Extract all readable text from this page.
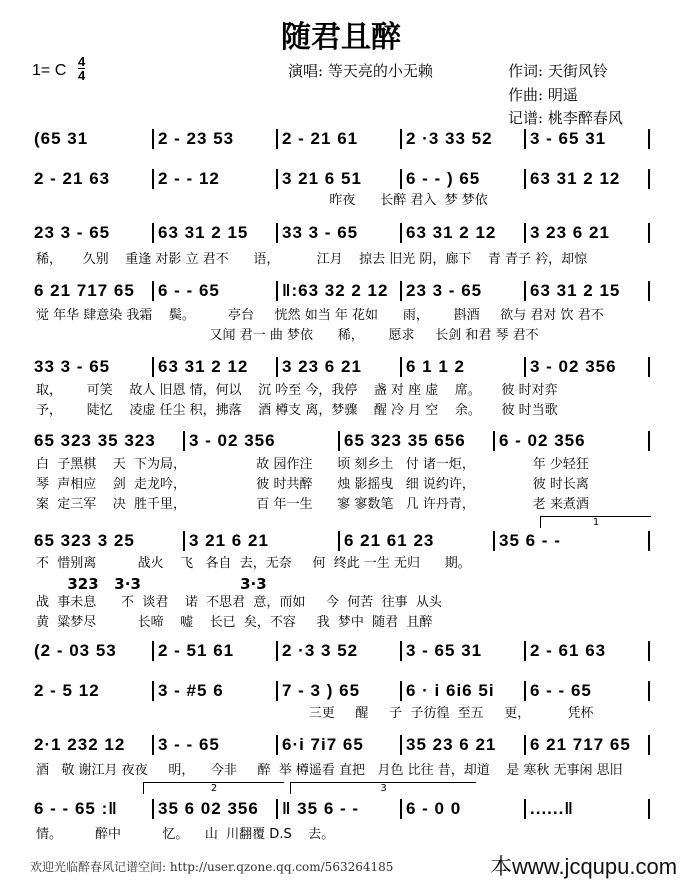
随君且醉
1= C $\frac{4}{4}$	演唱: 等天亮的小无赖	作词: 天街风铃
作曲: 明遥
记谱: 桃李醉春风
(65 31	2 - 23 53	2 - 21 61	2 ·3 33 52	3 - 65 31
2 - 21 63	2 - - 12	3 21 6 51	6 - - ) 65	63 31 2 12
昨夜      长醉 君入  梦 梦依
23 3 - 65	63 31 2 15	33 3 - 65	63 31 2 12	3 23 6 21
稀，     久别    重逢 对影 立 君不      语，         江月    掠去 旧光 阴，廊下    青 青子 衿，却惊
6 21 717 65	6 - - 65	‖:63 32 2 12	23 3 - 65	63 31 2 15
觉 年华 肆意染 我霜    鬓。        亭台     恍然 如当 年 花如      雨，      斟酒     欲与 君对 饮 君不
又闻 君一 曲 梦依      稀，      愿求     长剑 和君 琴 君不
33 3 - 65	63 31 2 12	3 23 6 21	6 1 1 2	3 - 02 356
取，      可笑    故人 旧恩 情，何以    沉 吟至 今，我停    盏 对 座 虚    席。     彼 时对弈
予，      陡忆    凌虚 任尘 积，拂落    酒 樽支 离，梦骤    醒 冷 月 空    余。     彼 时当歌
65 323 35 323	3 - 02 356	65 323 35 656	6 - 02 356
白  子黑棋    天  下为局，                 故 园作注      顷 刻乡土   付 诸一炬，              年 少轻狂
琴  声相应    剑  走龙吟，                 彼 时共醉      烛 影摇曳   细 说约许，              彼 时长离
案  定三军    决  胜千里，                 百 年一生      寥 寥数笔   几 许丹青，              老 来煮酒
65 323 3 25	3 21 6 21	6 21 61 23	35 6 - -
不  惜别离          战火    飞   各自  去，无奈     何  终此 一生 无归      期。
323   3·3                   3·3
战  事未息      不  谈君    诺  不思君  意，而如     今  何苦  往事  从头
黄  粱梦尽          长啼    嘘    长已  矣，不容     我  梦中  随君  且醉
1
(2 - 03 53	2 - 51 61	2 ·3 3 52	3 - 65 31	2 - 61 63
2 - 5 12	3 - #5 6	7 - 3 ) 65	6 · i 6i6 5i	6 - - 65
三更     醒     子  子彷徨  至五     更，         凭杯
2·1 232 12	3 - - 65	6·i 7i7 65	35 23 6 21	6 21 717 65
酒   敬 谢江月 夜夜     明，    今非     醉  举 樽遥看 直把   月色 比往 昔，却道    是 寒秋 无事闲 思旧
6 - - 65 :‖	35 6 02 356	‖ 35 6 - -	6 - 0 0	......‖
情。        醉中          忆。    山  川翻覆 D.S    去。
2	3
欢迎光临醉春风记谱空间: http://user.qzone.qq.com/563264185	本www.jcqupu.com
